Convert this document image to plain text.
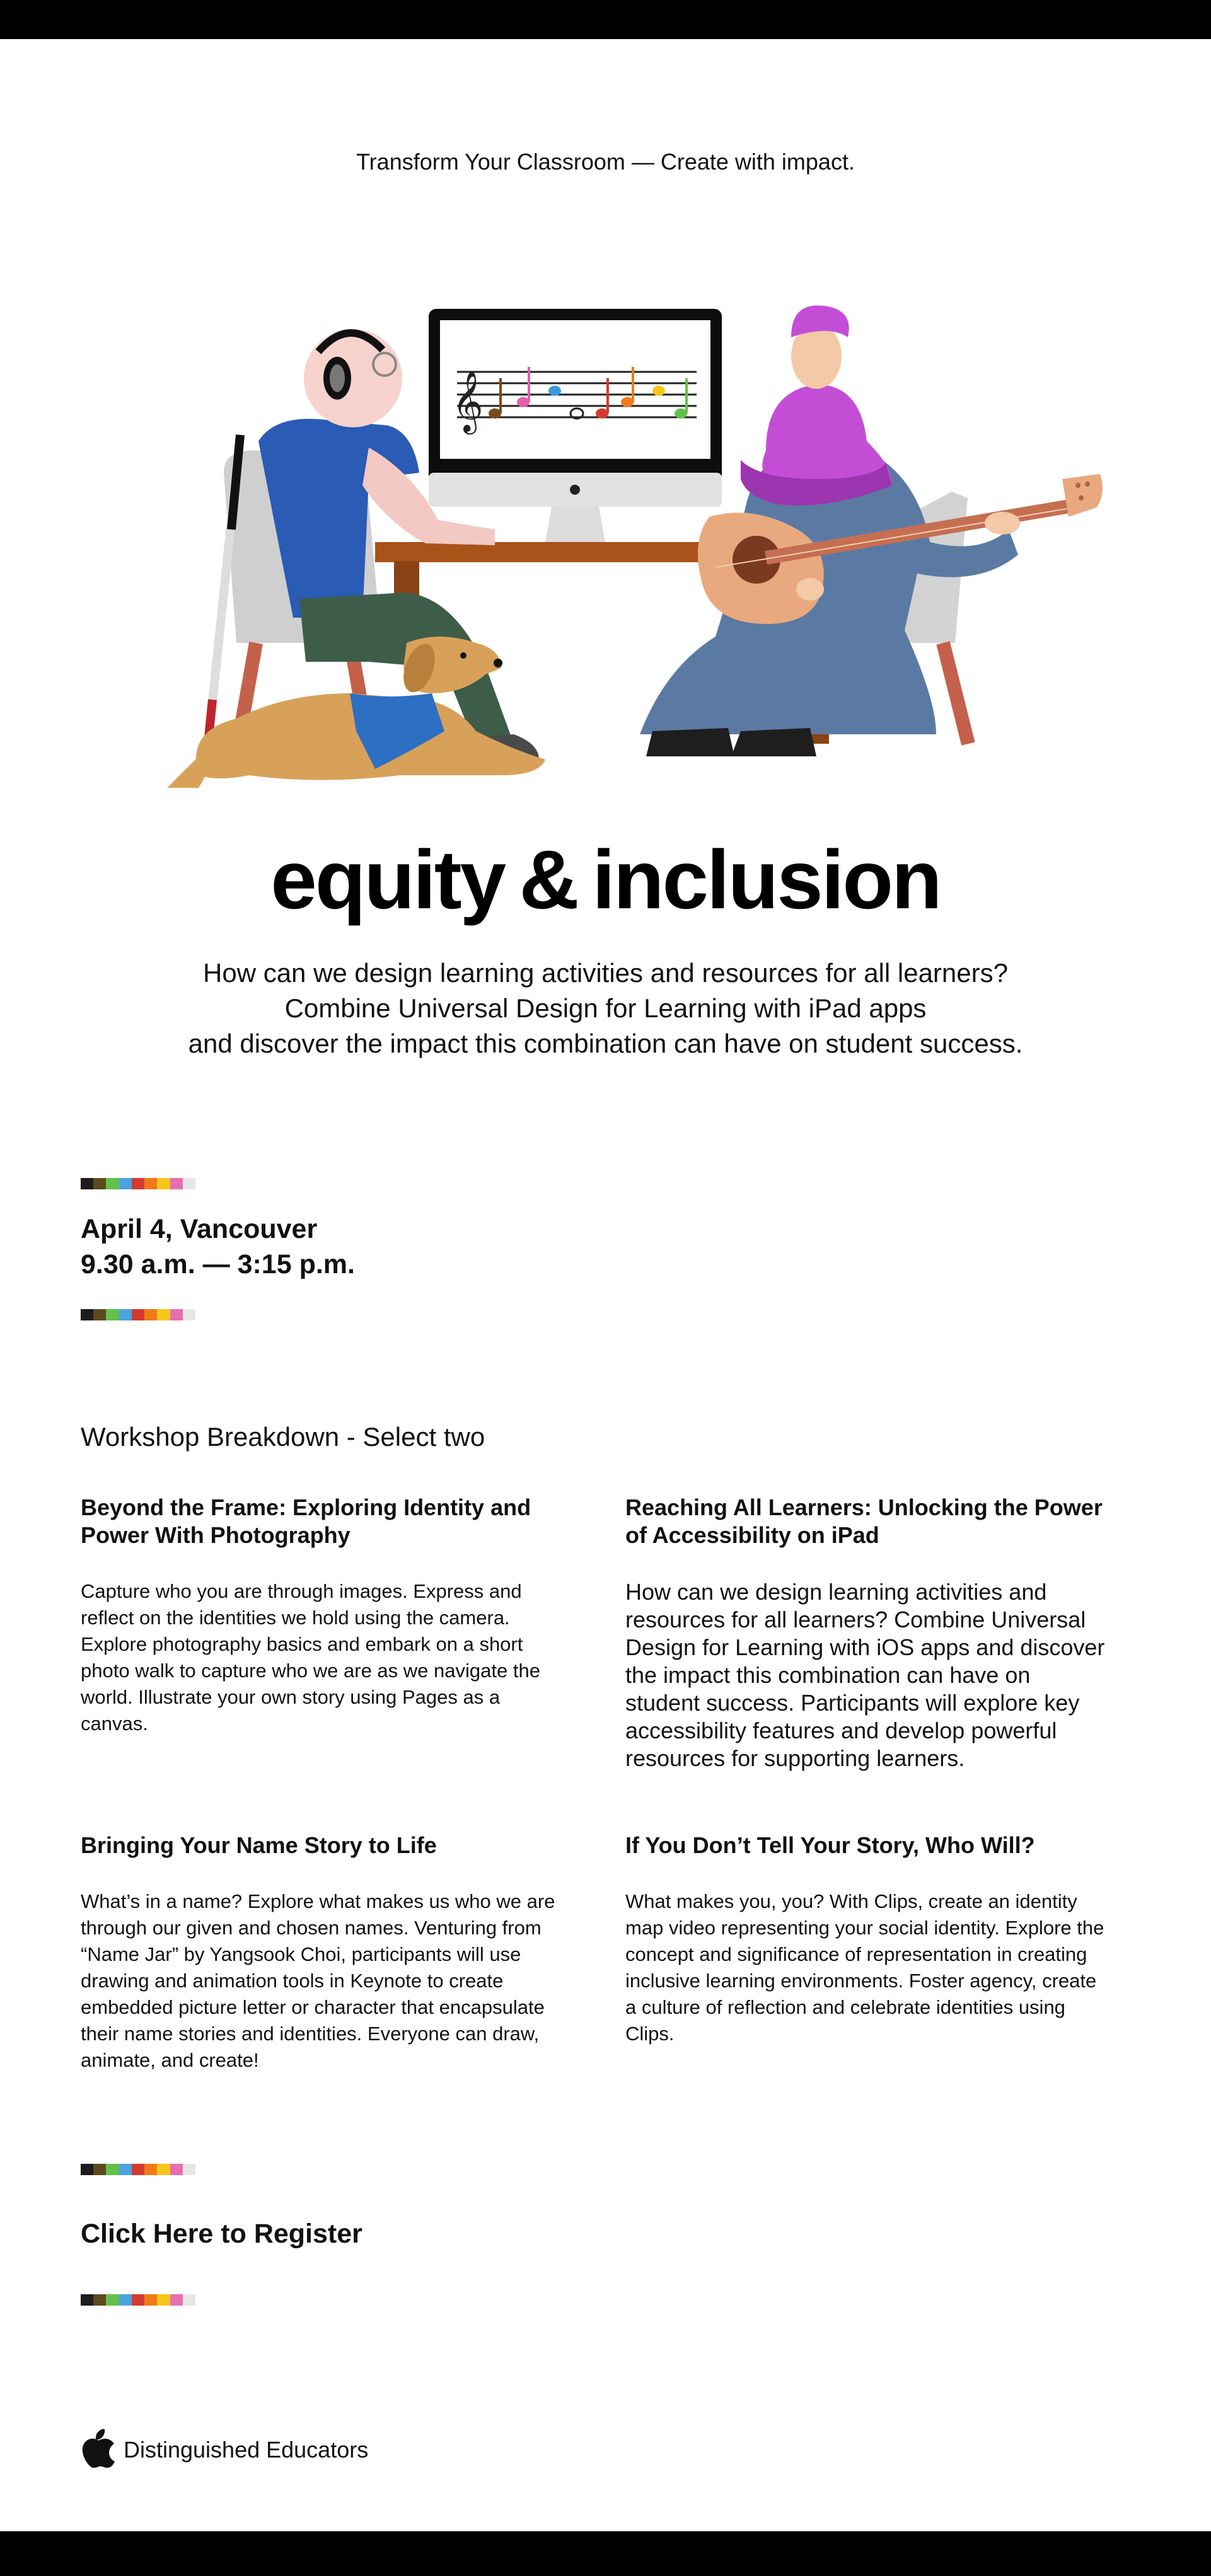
Transform Your Classroom — Create with impact.
𝄞
equity & inclusion
How can we design learning activities and resources for all learners?
Combine Universal Design for Learning with iPad apps
and discover the impact this combination can have on student success.
April 4, Vancouver
9.30 a.m. — 3:15 p.m.
Workshop Breakdown - Select two
Beyond the Frame: Exploring Identity and Power With Photography

Capture who you are through images. Express and reflect on the identities we hold using the camera. Explore photography basics and embark on a short photo walk to capture who we are as we navigate the world. Illustrate your own story using Pages as a canvas.

Reaching All Learners: Unlocking the Power of Accessibility on iPad

How can we design learning activities and resources for all learners? Combine Universal Design for Learning with iOS apps and discover the impact this combination can have on student success. Participants will explore key accessibility features and develop powerful resources for supporting learners.

Bringing Your Name Story to Life

What’s in a name? Explore what makes us who we are through our given and chosen names. Venturing from “Name Jar” by Yangsook Choi, participants will use drawing and animation tools in Keynote to create embedded picture letter or character that encapsulate their name stories and identities. Everyone can draw, animate, and create!

If You Don’t Tell Your Story, Who Will?

What makes you, you? With Clips, create an identity map video representing your social identity. Explore the concept and significance of representation in creating inclusive learning environments. Foster agency, create a culture of reflection and celebrate identities using Clips.

Click Here to Register
Distinguished Educators
